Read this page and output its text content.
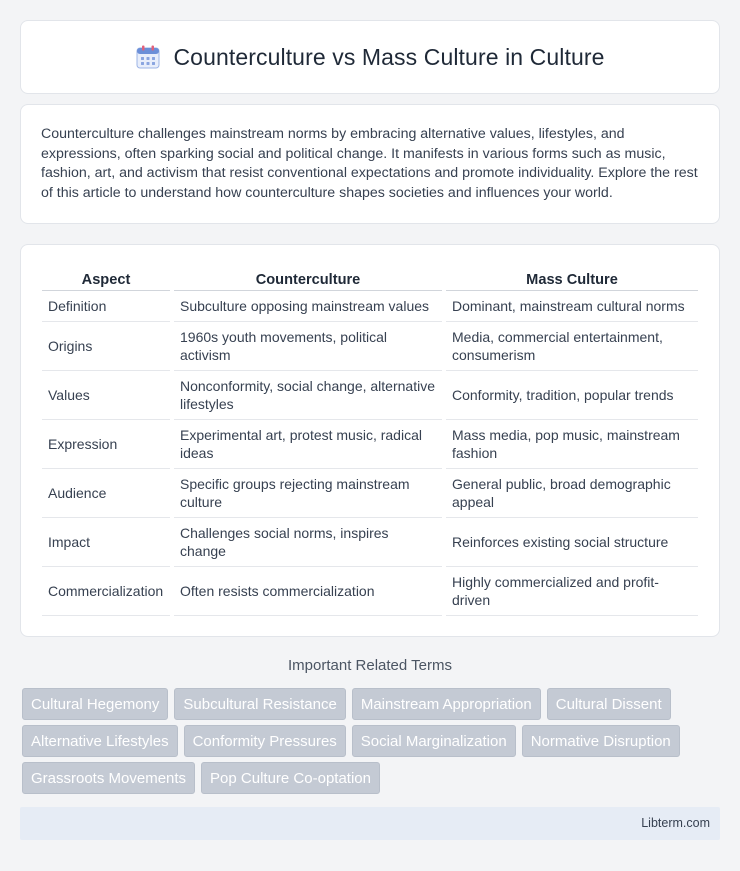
Counterculture vs Mass Culture in Culture

Counterculture challenges mainstream norms by embracing alternative values, lifestyles, and expressions, often sparking social and political change. It manifests in various forms such as music, fashion, art, and activism that resist conventional expectations and promote individuality. Explore the rest of this article to understand how counterculture shapes societies and influences your world.

Aspect	Counterculture	Mass Culture
Definition	Subculture opposing mainstream values	Dominant, mainstream cultural norms
Origins	1960s youth movements, political activism	Media, commercial entertainment, consumerism
Values	Nonconformity, social change, alternative lifestyles	Conformity, tradition, popular trends
Expression	Experimental art, protest music, radical ideas	Mass media, pop music, mainstream fashion
Audience	Specific groups rejecting mainstream culture	General public, broad demographic appeal
Impact	Challenges social norms, inspires change	Reinforces existing social structure
Commercialization	Often resists commercialization	Highly commercialized and profit-driven
Important Related Terms
Cultural Hegemony	Subcultural Resistance	Mainstream Appropriation	Cultural Dissent
Alternative Lifestyles	Conformity Pressures	Social Marginalization	Normative Disruption
Grassroots Movements	Pop Culture Co-optation
Libterm.com
